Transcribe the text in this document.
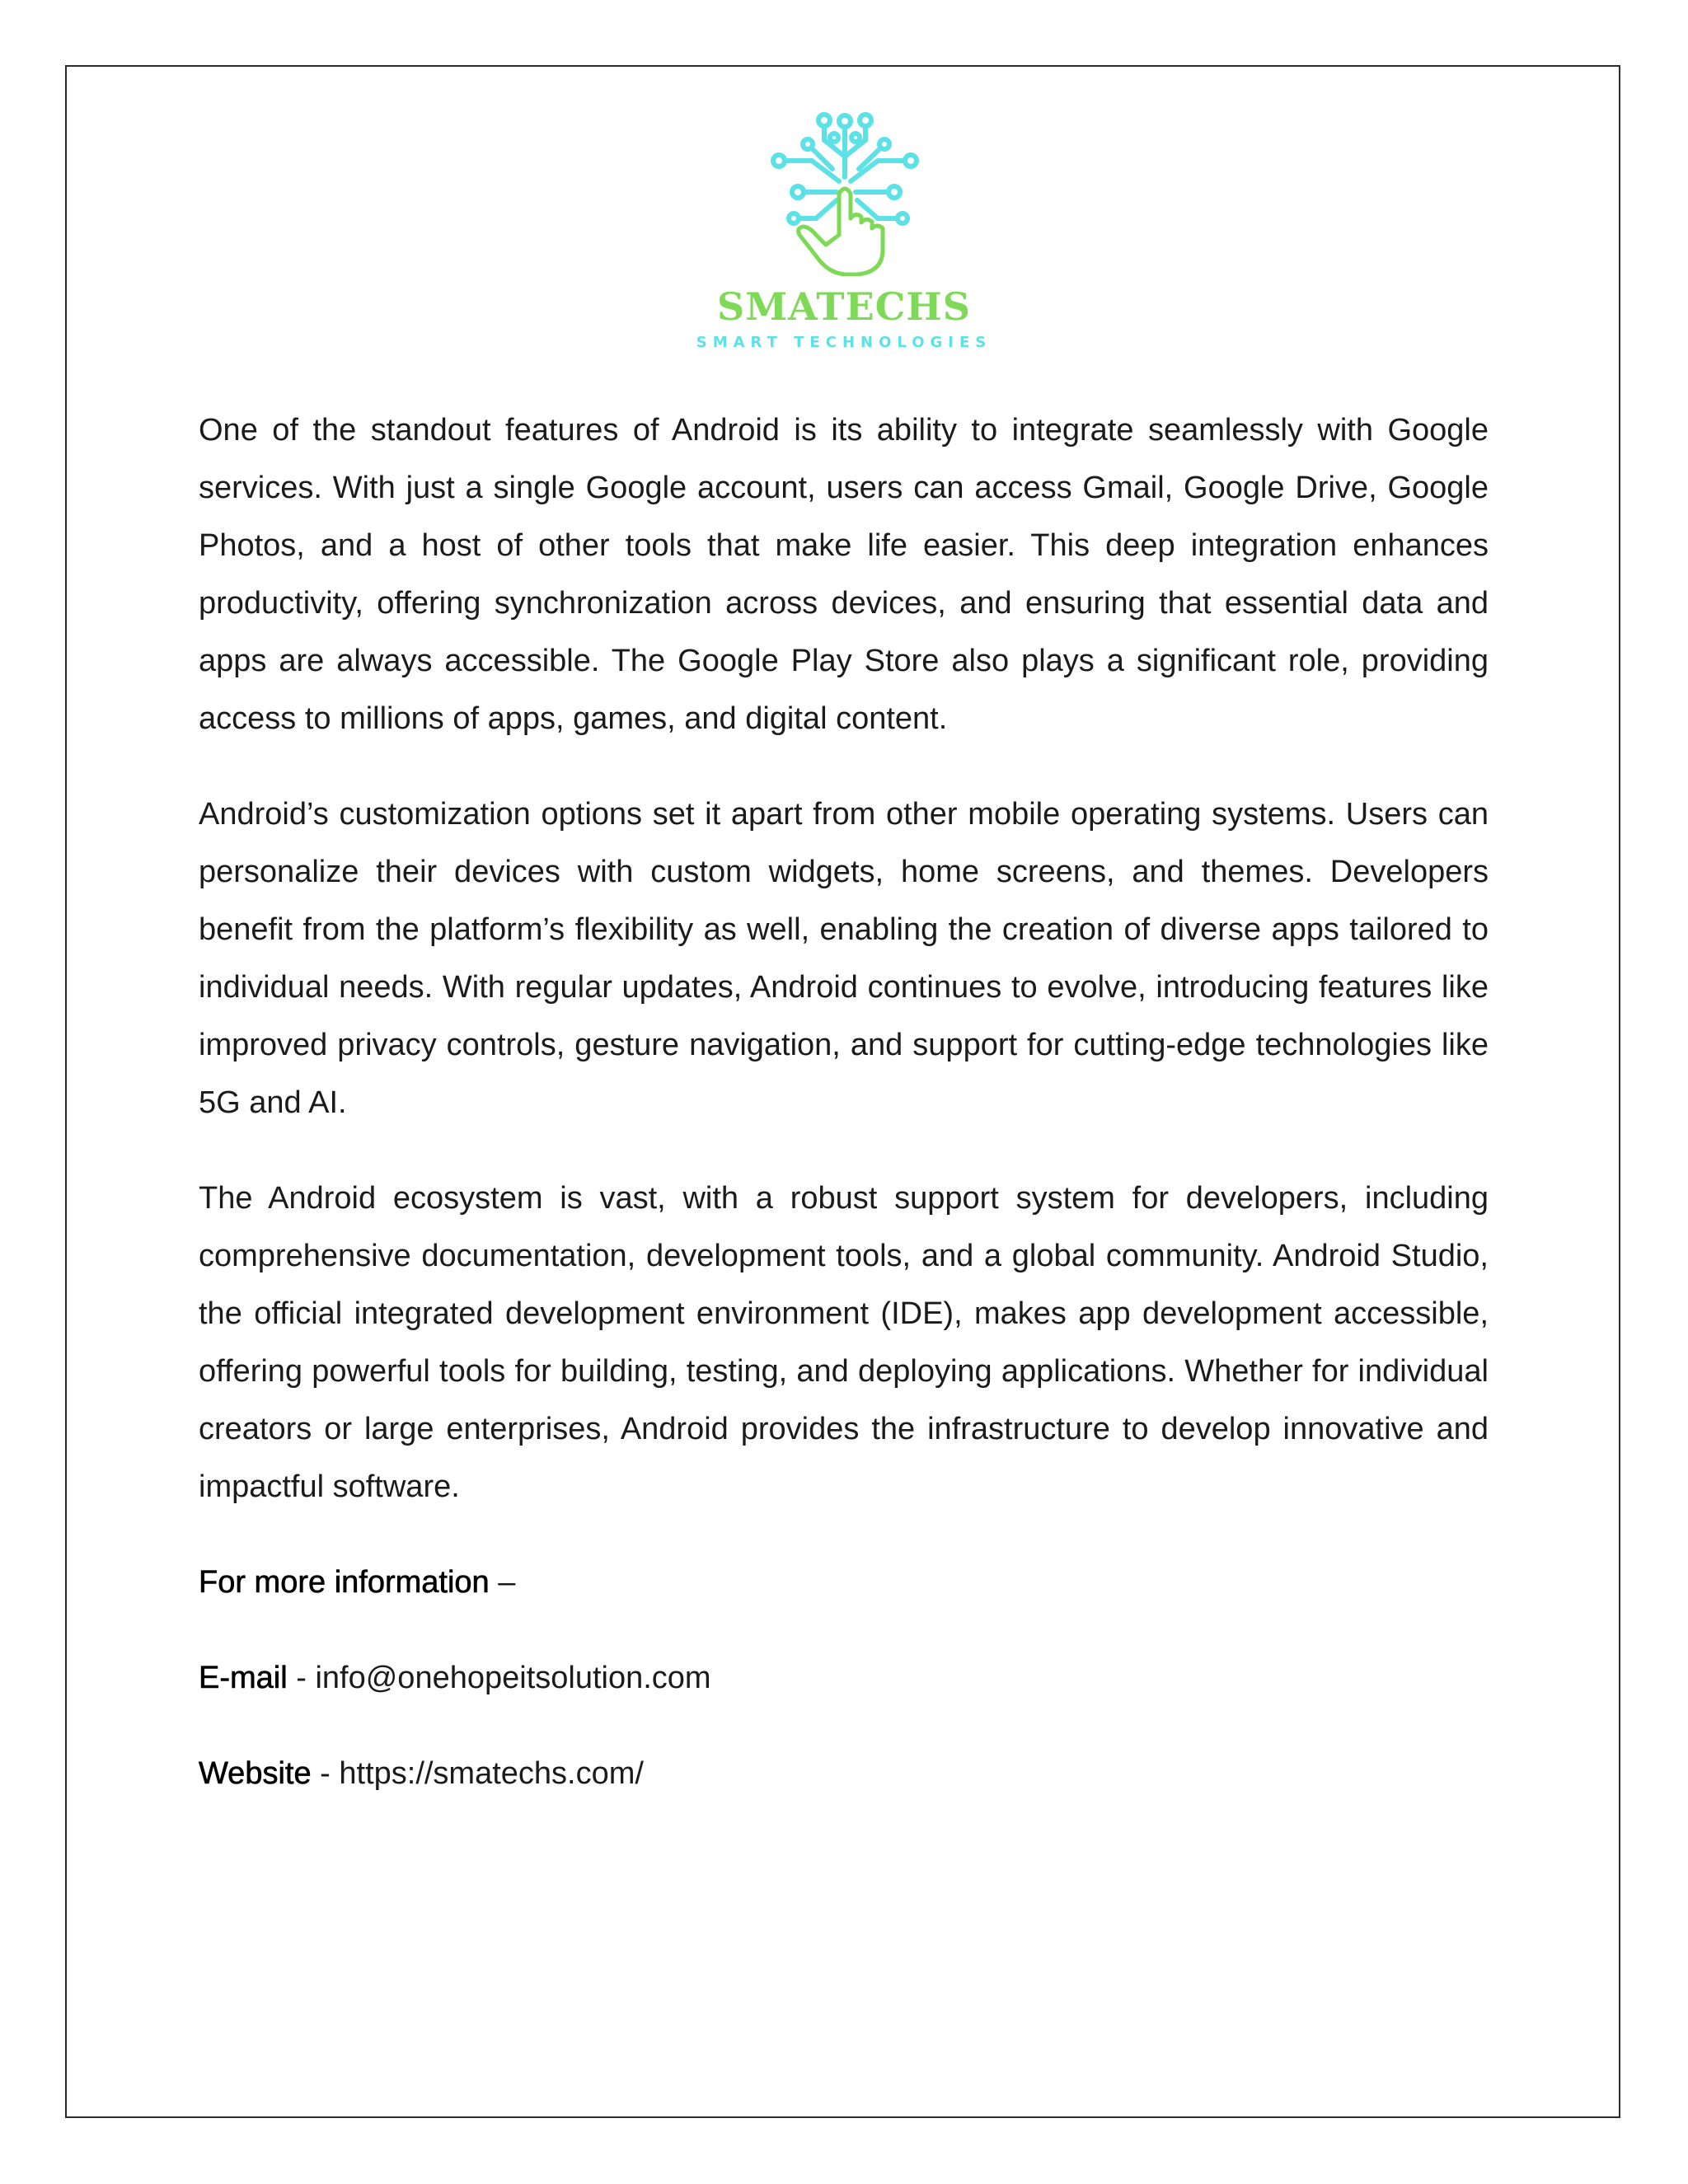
SMATECHS
SMART TECHNOLOGIES

One of the standout features of Android is its ability to integrate seamlessly with Google services. With just a single Google account, users can access Gmail, Google Drive, Google Photos, and a host of other tools that make life easier. This deep integration enhances productivity, offering synchronization across devices, and ensuring that essential data and apps are always accessible. The Google Play Store also plays a significant role, providing access to millions of apps, games, and digital content.

Android’s customization options set it apart from other mobile operating systems. Users can personalize their devices with custom widgets, home screens, and themes. Developers benefit from the platform’s flexibility as well, enabling the creation of diverse apps tailored to individual needs. With regular updates, Android continues to evolve, introducing features like improved privacy controls, gesture navigation, and support for cutting-edge technologies like 5G and AI.

The Android ecosystem is vast, with a robust support system for developers, including comprehensive documentation, development tools, and a global community. Android Studio, the official integrated development environment (IDE), makes app development accessible, offering powerful tools for building, testing, and deploying applications. Whether for individual creators or large enterprises, Android provides the infrastructure to develop innovative and impactful software.

For more information –

E-mail - info@onehopeitsolution.com

Website - https://smatechs.com/
